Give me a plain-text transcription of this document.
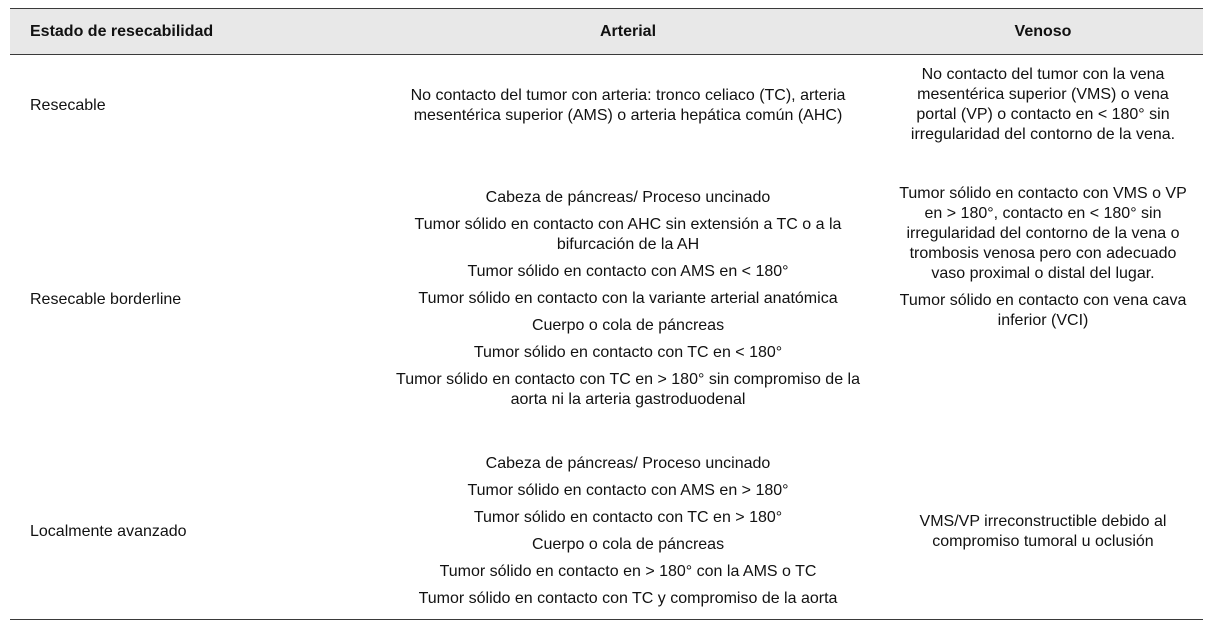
Estado de resecabilidad	Arterial	Venoso
Resecable

No contacto del tumor con arteria: tronco celiaco (TC), arteria mesentérica superior (AMS) o arteria hepática común (AHC)

No contacto del tumor con la vena mesentérica superior (VMS) o vena portal (VP) o contacto en < 180° sin irregularidad del contorno de la vena.

Resecable borderline

Cabeza de páncreas/ Proceso uncinado

Tumor sólido en contacto con AHC sin extensión a TC o a la bifurcación de la AH

Tumor sólido en contacto con AMS en < 180°

Tumor sólido en contacto con la variante arterial anatómica

Cuerpo o cola de páncreas

Tumor sólido en contacto con TC en < 180°

Tumor sólido en contacto con TC en > 180° sin compromiso de la aorta ni la arteria gastroduodenal

Tumor sólido en contacto con VMS o VP en > 180°, contacto en < 180° sin irregularidad del contorno de la vena o trombosis venosa pero con adecuado vaso proximal o distal del lugar.

Tumor sólido en contacto con vena cava inferior (VCI)

Localmente avanzado

Cabeza de páncreas/ Proceso uncinado

Tumor sólido en contacto con AMS en > 180°

Tumor sólido en contacto con TC en > 180°

Cuerpo o cola de páncreas

Tumor sólido en contacto en > 180° con la AMS o TC

Tumor sólido en contacto con TC y compromiso de la aorta

VMS/VP irreconstructible debido al compromiso tumoral u oclusión
